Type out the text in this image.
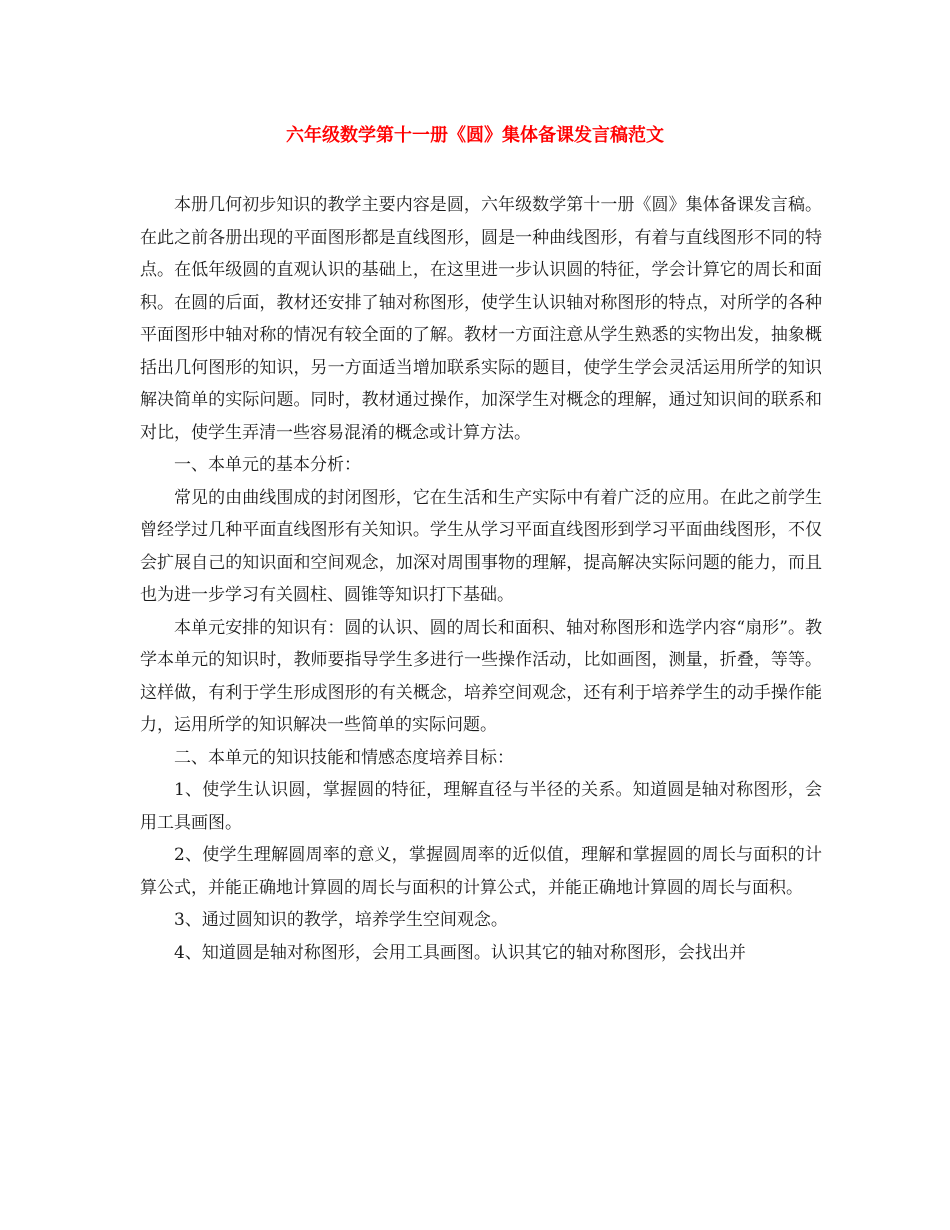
六年级数学第十一册《圆》集体备课发言稿范文

本册几何初步知识的教学主要内容是圆，六年级数学第十一册《圆》集体备课发言稿。在此之前各册出现的平面图形都是直线图形，圆是一种曲线图形，有着与直线图形不同的特点。在低年级圆的直观认识的基础上，在这里进一步认识圆的特征，学会计算它的周长和面积。在圆的后面，教材还安排了轴对称图形，使学生认识轴对称图形的特点，对所学的各种平面图形中轴对称的情况有较全面的了解。教材一方面注意从学生熟悉的实物出发，抽象概括出几何图形的知识，另一方面适当增加联系实际的题目，使学生学会灵活运用所学的知识解决简单的实际问题。同时，教材通过操作，加深学生对概念的理解，通过知识间的联系和对比，使学生弄清一些容易混淆的概念或计算方法。

一、本单元的基本分析：

常见的由曲线围成的封闭图形，它在生活和生产实际中有着广泛的应用。在此之前学生曾经学过几种平面直线图形有关知识。学生从学习平面直线图形到学习平面曲线图形，不仅会扩展自己的知识面和空间观念，加深对周围事物的理解，提高解决实际问题的能力，而且也为进一步学习有关圆柱、圆锥等知识打下基础。

本单元安排的知识有：圆的认识、圆的周长和面积、轴对称图形和选学内容“扇形”。教学本单元的知识时，教师要指导学生多进行一些操作活动，比如画图，测量，折叠，等等。这样做，有利于学生形成图形的有关概念，培养空间观念，还有利于培养学生的动手操作能力，运用所学的知识解决一些简单的实际问题。

二、本单元的知识技能和情感态度培养目标：

1、使学生认识圆，掌握圆的特征，理解直径与半径的关系。知道圆是轴对称图形，会用工具画图。

2、使学生理解圆周率的意义，掌握圆周率的近似值，理解和掌握圆的周长与面积的计算公式，并能正确地计算圆的周长与面积的计算公式，并能正确地计算圆的周长与面积。

3、通过圆知识的教学，培养学生空间观念。

4、知道圆是轴对称图形，会用工具画图。认识其它的轴对称图形，会找出并
